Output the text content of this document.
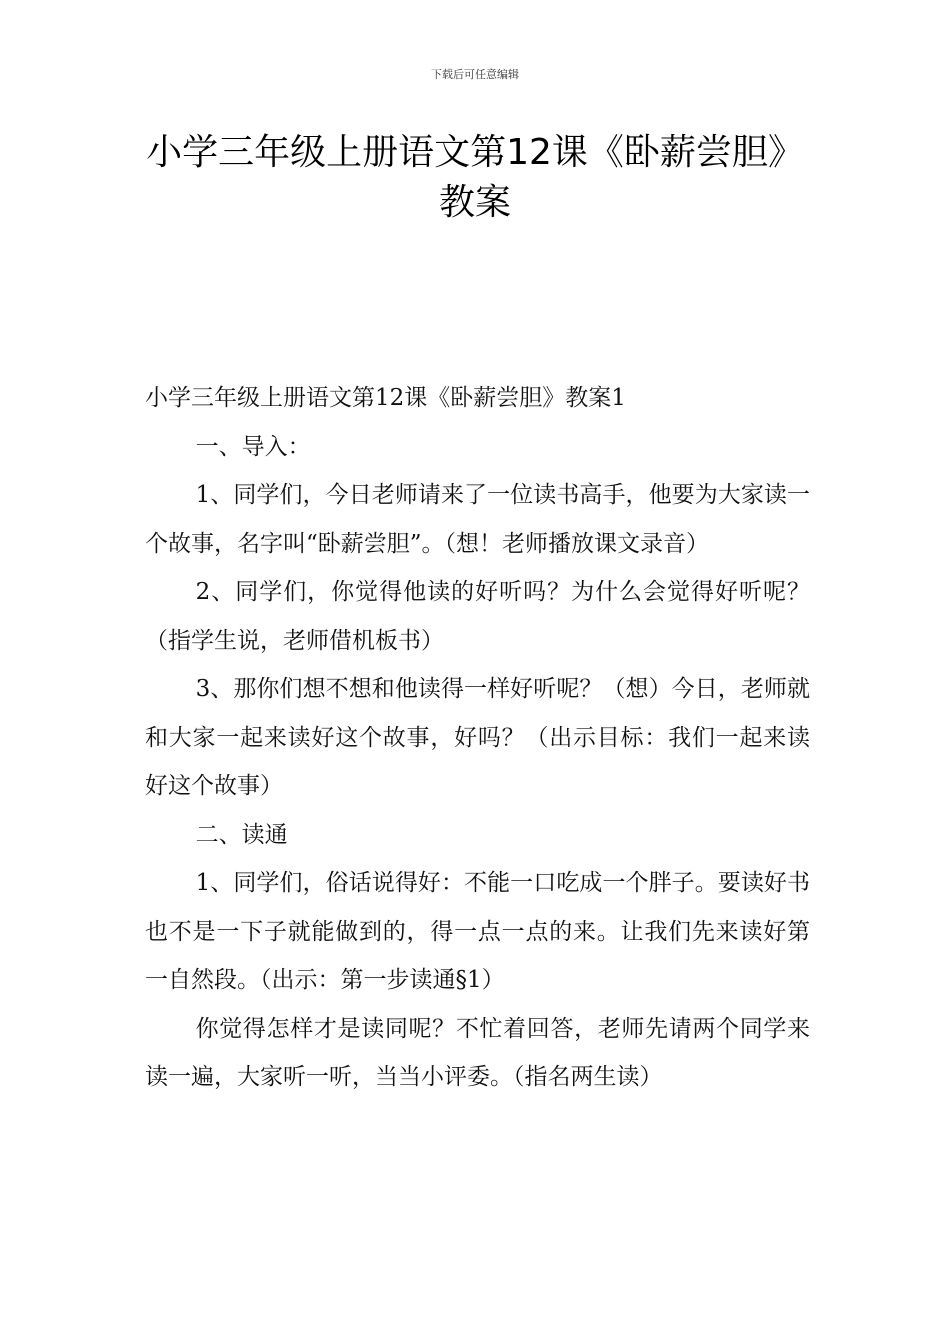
下载后可任意编辑
小学三年级上册语文第12课《卧薪尝胆》
教案

小学三年级上册语文第12课《卧薪尝胆》教案1

一、导入：

1、同学们，今日老师请来了一位读书高手，他要为大家读一个故事，名字叫“卧薪尝胆”。（想！老师播放课文录音）

2、同学们，你觉得他读的好听吗？为什么会觉得好听呢？（指学生说，老师借机板书）

3、那你们想不想和他读得一样好听呢？（想）今日，老师就和大家一起来读好这个故事，好吗？（出示目标：我们一起来读好这个故事）

二、读通

1、同学们，俗话说得好：不能一口吃成一个胖子。要读好书也不是一下子就能做到的，得一点一点的来。让我们先来读好第一自然段。（出示：第一步读通§1）

你觉得怎样才是读同呢？不忙着回答，老师先请两个同学来读一遍，大家听一听，当当小评委。（指名两生读）
